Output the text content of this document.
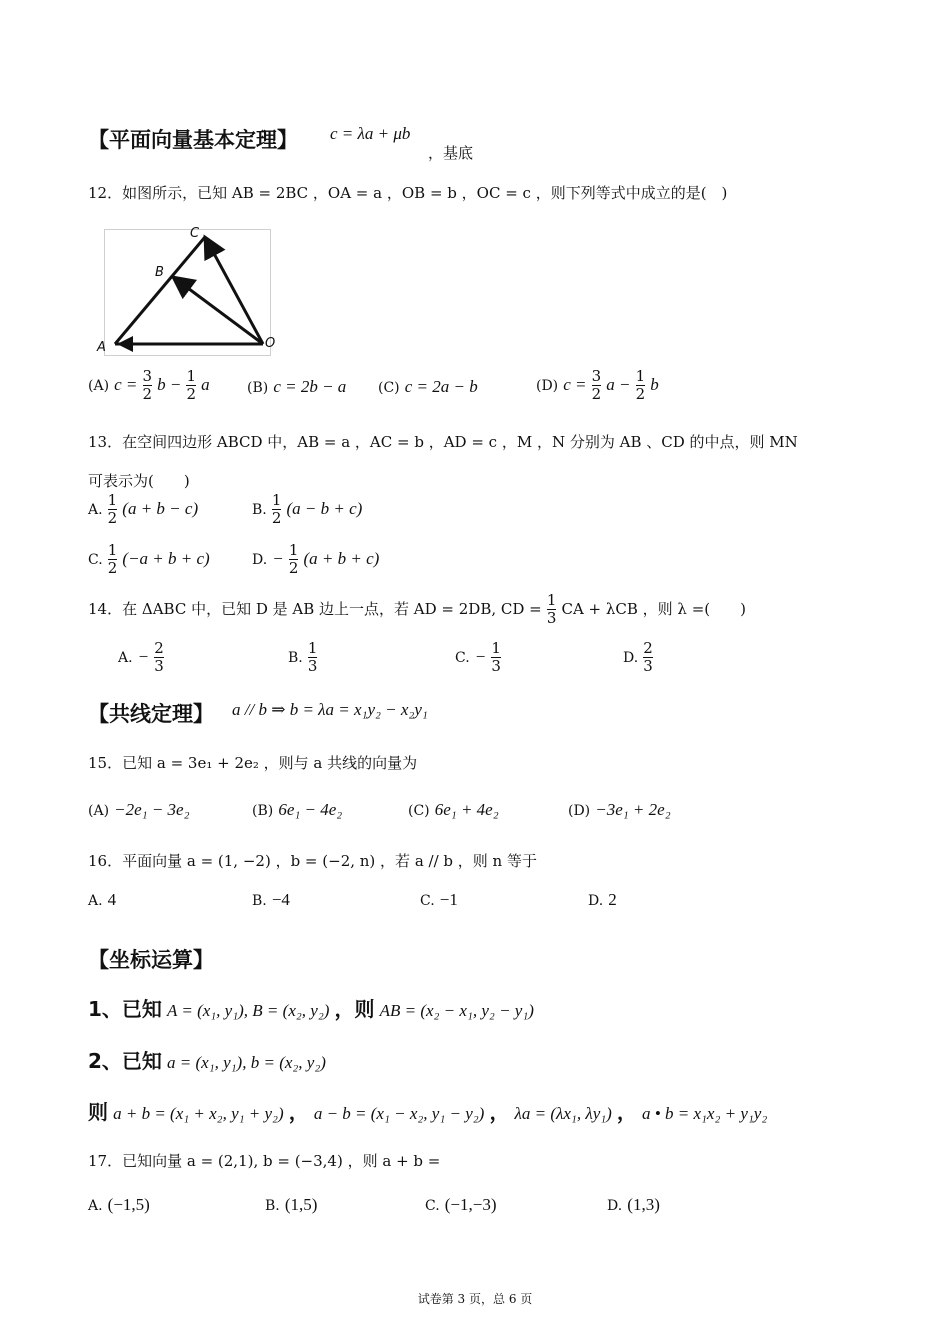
【平面向量基本定理】 c = λa + μb
，基底
12．如图所示，已知 AB = 2BC ，OA = a ，OB = b ，OC = c ，则下列等式中成立的是(　)
C
B
A	O
(A) $c = \frac{3}{2}$ $b - \frac{1}{2}$ a	(B) c = 2b − a (C) c = 2a − b	(D) $c = \frac{3}{2}$ $a - \frac{1}{2}$ b
13．在空间四边形 ABCD 中，AB = a ，AC = b ，AD = c ，M ，N 分别为 AB 、CD 的中点，则 MN
可表示为(　　)
A. $\frac{1}{2} (a + b - c)$	B. $\frac{1}{2} (a - b + c)$
C. $\frac{1}{2} (-a + b + c)$	D. − $\frac{1}{2} (a + b + c)$
14．在 ΔABC 中，已知 D 是 AB 边上一点，若 AD = 2DB, CD = $\frac{1}{3}$ CA + λCB ，则 λ =(　　)
A. − $\frac{2}{3}$	B. $\frac{1}{3}$	C. − $\frac{1}{3}$	D. $\frac{2}{3}$
【共线定理】 a // b ⇒ b = λa = x₁y₂ − x₂y₁
15．已知 a = 3e₁ + 2e₂ ，则与 a 共线的向量为
(A) −2e₁ − 3e₂	(B) 6e₁ − 4e₂	(C) 6e₁ + 4e₂	(D) −3e₁ + 2e₂
16．平面向量 a = (1, −2) ，b = (−2, n) ，若 a // b ，则 n 等于
A. 4	B. −4	C. −1	D. 2
【坐标运算】
1、已知 A = (x₁, y₁), B = (x₂, y₂) ，则 AB = (x₂ − x₁, y₂ − y₁)
2、已知 a = (x₁, y₁), b = (x₂, y₂)
则 a + b = (x₁ + x₂, y₁ + y₂) ， a − b = (x₁ − x₂, y₁ − y₂) ， λa = (λx₁, λy₁) ， a • b = x₁x₂ + y₁y₂
17．已知向量 a = (2,1), b = (−3,4) ，则 a + b =
A. (−1,5)	B. (1,5)	C. (−1,−3)	D. (1,3)
试卷第 3 页，总 6 页
